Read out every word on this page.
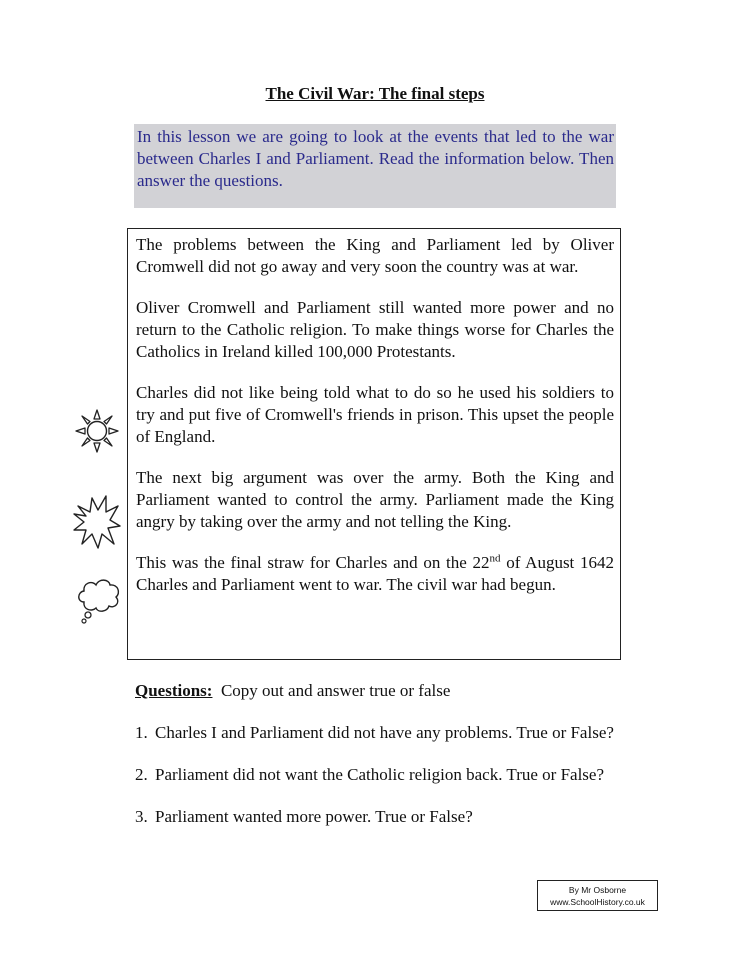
The Civil War: The final steps

In this lesson we are going to look at the events that led to the war between Charles I and Parliament. Read the information below. Then answer the questions.

The problems between the King and Parliament led by Oliver Cromwell did not go away and very soon the country was at war.

Oliver Cromwell and Parliament still wanted more power and no return to the Catholic religion. To make things worse for Charles the Catholics in Ireland killed 100,000 Protestants.

Charles did not like being told what to do so he used his soldiers to try and put five of Cromwell's friends in prison. This upset the people of England.

The next big argument was over the army. Both the King and Parliament wanted to control the army. Parliament made the King angry by taking over the army and not telling the King.

This was the final straw for Charles and on the 22nd of August 1642 Charles and Parliament went to war. The civil war had begun.

Questions: Copy out and answer true or false

1. Charles I and Parliament did not have any problems. True or False?
2. Parliament did not want the Catholic religion back. True or False?
3. Parliament wanted more power. True or False?
By Mr Osborne
www.SchoolHistory.co.uk
